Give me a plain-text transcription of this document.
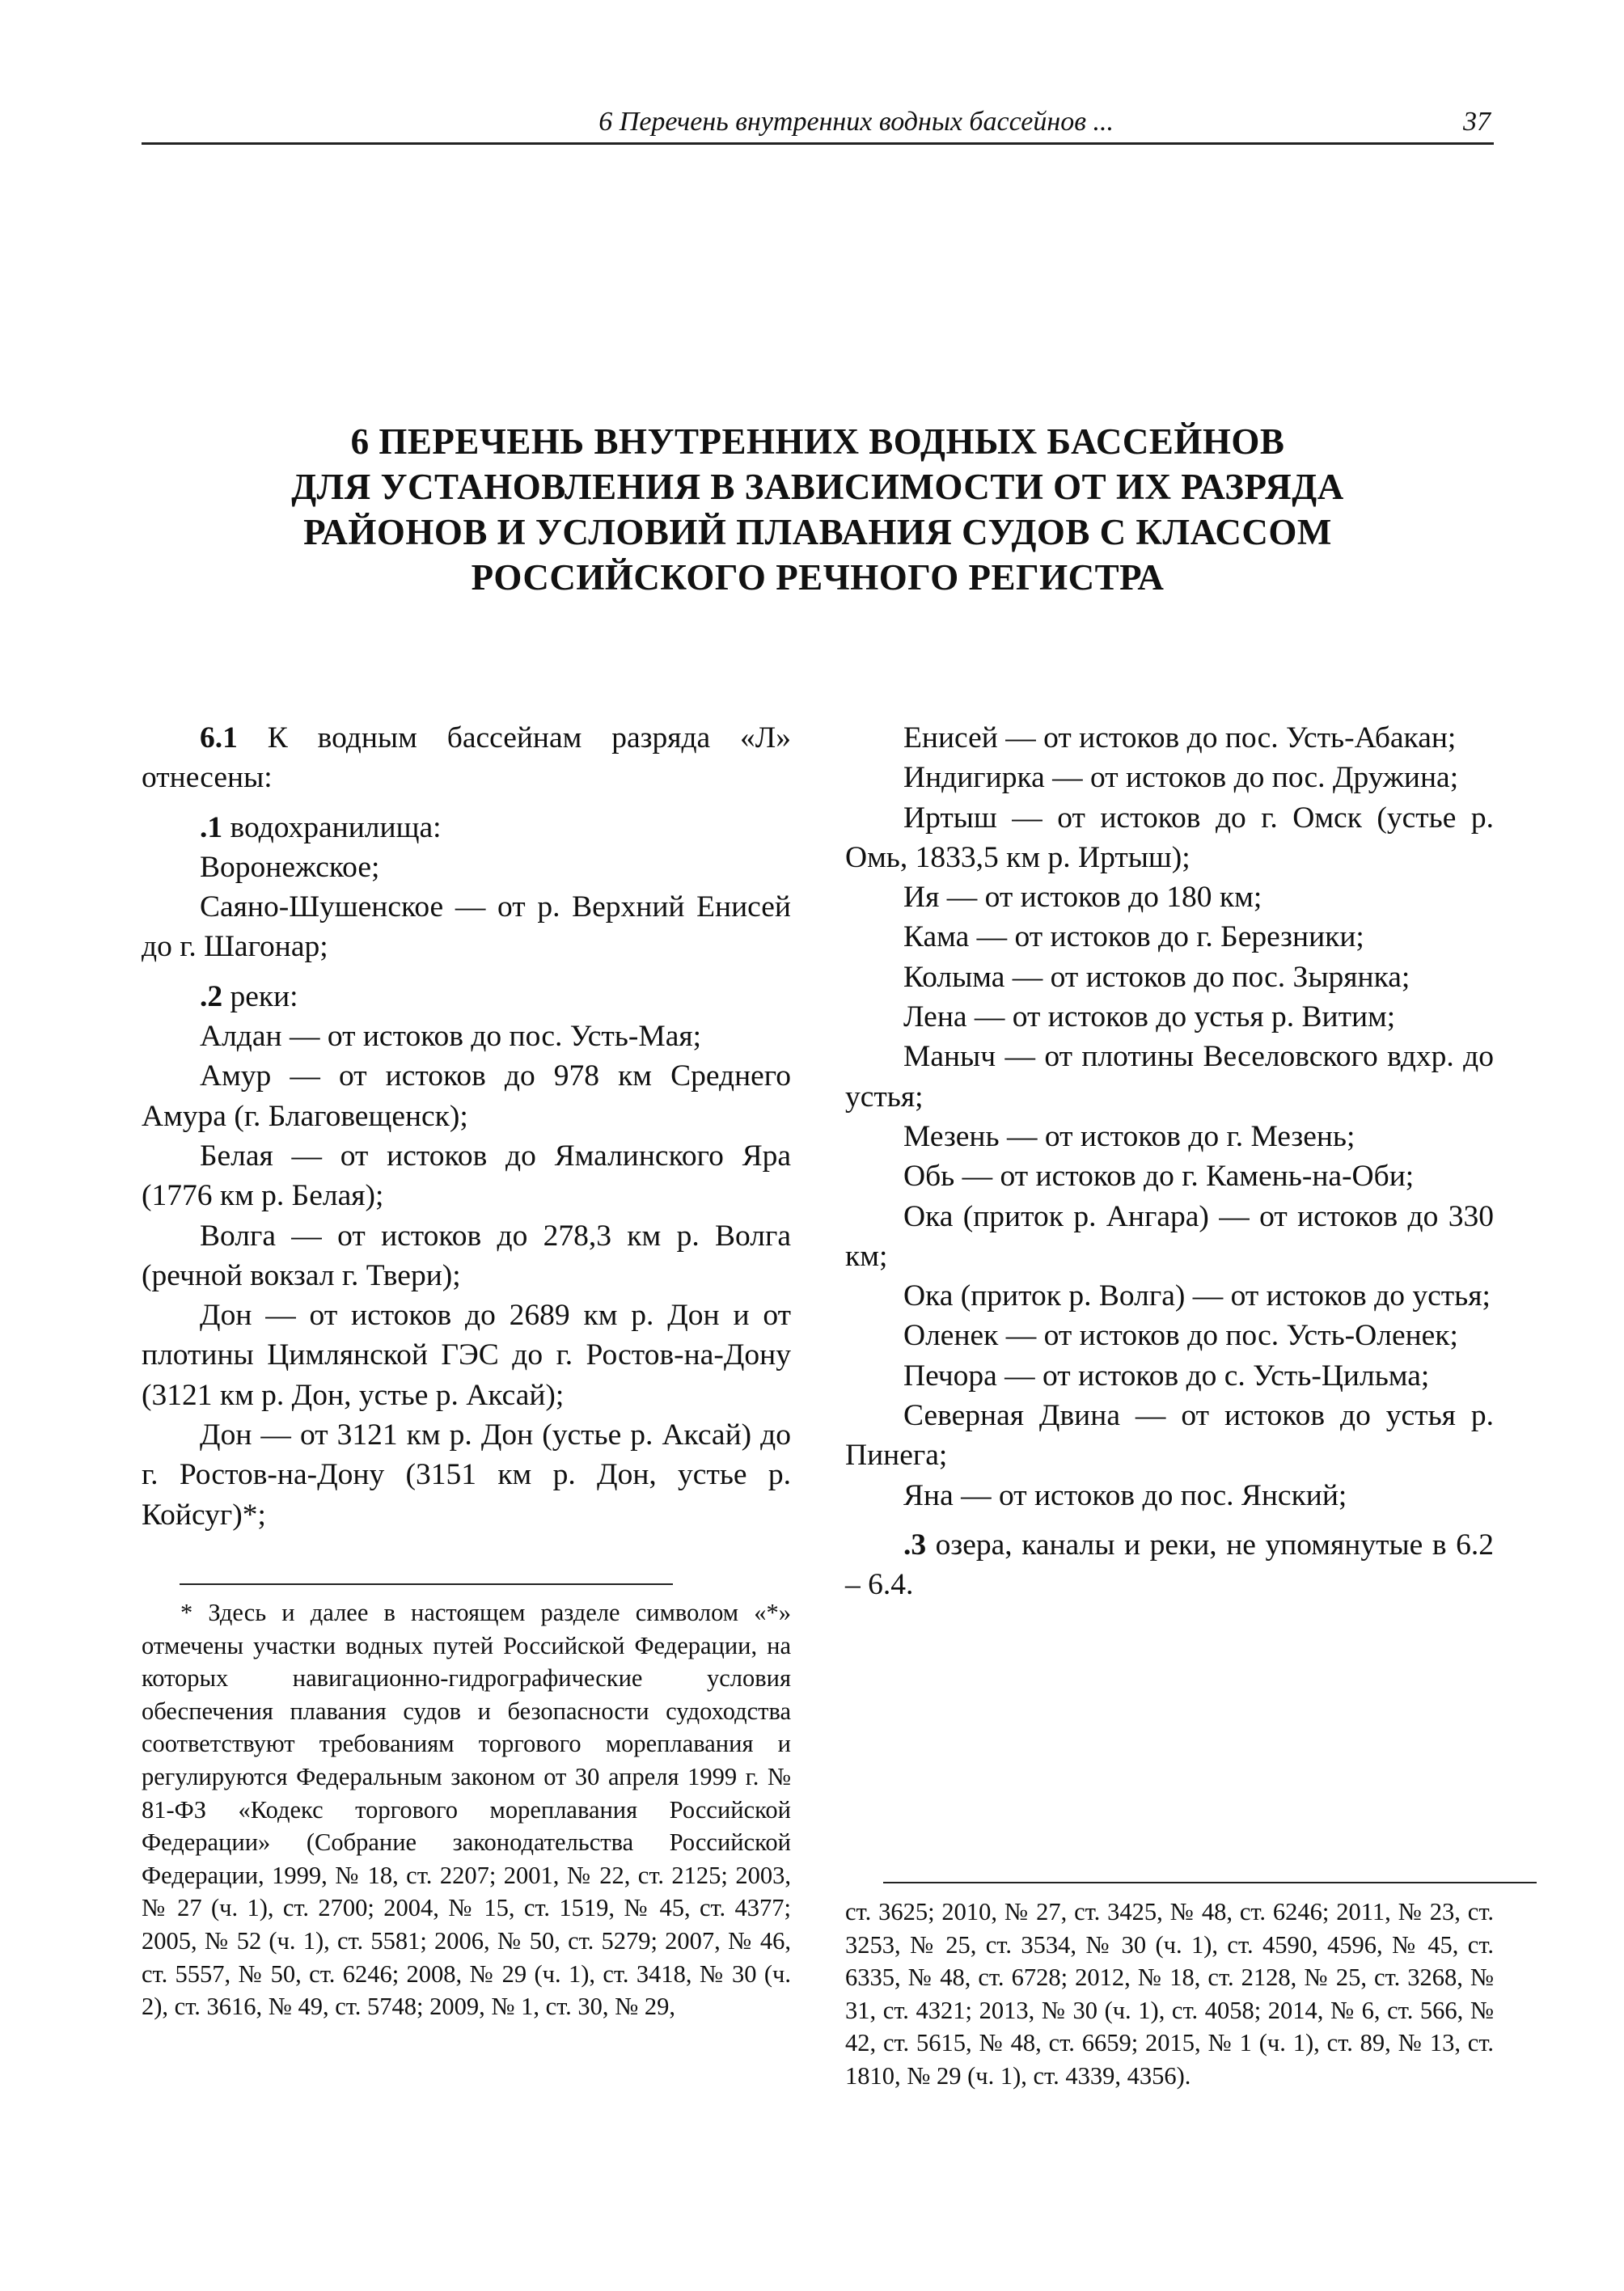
6 Перечень внутренних водных бассейнов ...	37
6 ПЕРЕЧЕНЬ ВНУТРЕННИХ ВОДНЫХ БАССЕЙНОВ
ДЛЯ УСТАНОВЛЕНИЯ В ЗАВИСИМОСТИ ОТ ИХ РАЗРЯДА
РАЙОНОВ И УСЛОВИЙ ПЛАВАНИЯ СУДОВ С КЛАССОМ
РОССИЙСКОГО РЕЧНОГО РЕГИСТРА

6.1 К водным бассейнам разряда «Л» отнесены:

.1 водохранилища:

Воронежское;

Саяно-Шушенское — от р. Верхний Енисей до г. Шагонар;

.2 реки:

Алдан — от истоков до пос. Усть-Мая;

Амур — от истоков до 978 км Среднего Амура (г. Благовещенск);

Белая — от истоков до Ямалинского Яра (1776 км р. Белая);

Волга — от истоков до 278,3 км р. Волга (речной вокзал г. Твери);

Дон — от истоков до 2689 км р. Дон и от плотины Цимлянской ГЭС до г. Ростов-на-Дону (3121 км р. Дон, устье р. Аксай);

Дон — от 3121 км р. Дон (устье р. Аксай) до г. Ростов-на-Дону (3151 км р. Дон, устье р. Койсуг)*;

Енисей — от истоков до пос. Усть-Абакан;

Индигирка — от истоков до пос. Дружина;

Иртыш — от истоков до г. Омск (устье р. Омь, 1833,5 км р. Иртыш);

Ия — от истоков до 180 км;

Кама — от истоков до г. Березники;

Колыма — от истоков до пос. Зырянка;

Лена — от истоков до устья р. Витим;

Маныч — от плотины Веселовского вдхр. до устья;

Мезень — от истоков до г. Мезень;

Обь — от истоков до г. Камень-на-Оби;

Ока (приток р. Ангара) — от истоков до 330 км;

Ока (приток р. Волга) — от истоков до устья;

Оленек — от истоков до пос. Усть-Оленек;

Печора — от истоков до с. Усть-Цильма;

Северная Двина — от истоков до устья р. Пинега;

Яна — от истоков до пос. Янский;

.3 озера, каналы и реки, не упомянутые в 6.2 – 6.4.

* Здесь и далее в настоящем разделе символом «*» отмечены участки водных путей Российской Федерации, на которых навигационно-гидрографические условия обеспечения плавания судов и безопасности судоходства соответствуют требованиям торгового мореплавания и регулируются Федеральным законом от 30 апреля 1999 г. № 81-ФЗ «Кодекс торгового мореплавания Российской Федерации» (Собрание законодательства Российской Федерации, 1999, № 18, ст. 2207; 2001, № 22, ст. 2125; 2003, № 27 (ч. 1), ст. 2700; 2004, № 15, ст. 1519, № 45, ст. 4377; 2005, № 52 (ч. 1), ст. 5581; 2006, № 50, ст. 5279; 2007, № 46, ст. 5557, № 50, ст. 6246; 2008, № 29 (ч. 1), ст. 3418, № 30 (ч. 2), ст. 3616, № 49, ст. 5748; 2009, № 1, ст. 30, № 29,

ст. 3625; 2010, № 27, ст. 3425, № 48, ст. 6246; 2011, № 23, ст. 3253, № 25, ст. 3534, № 30 (ч. 1), ст. 4590, 4596, № 45, ст. 6335, № 48, ст. 6728; 2012, № 18, ст. 2128, № 25, ст. 3268, № 31, ст. 4321; 2013, № 30 (ч. 1), ст. 4058; 2014, № 6, ст. 566, № 42, ст. 5615, № 48, ст. 6659; 2015, № 1 (ч. 1), ст. 89, № 13, ст. 1810, № 29 (ч. 1), ст. 4339, 4356).
